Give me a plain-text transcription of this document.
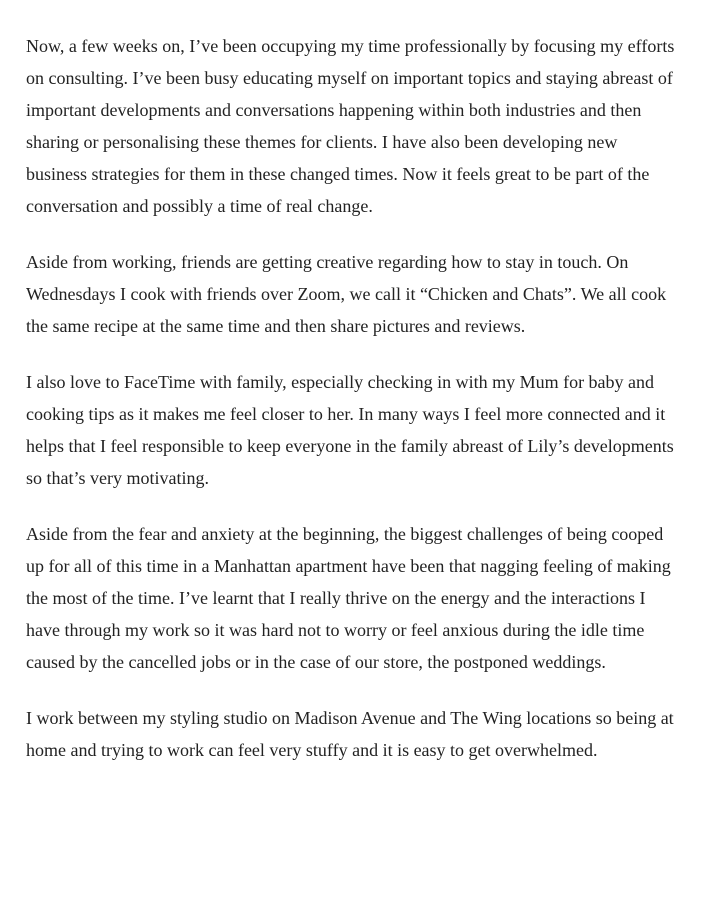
Now, a few weeks on, I’ve been occupying my time professionally by focusing my efforts on consulting. I’ve been busy educating myself on important topics and staying abreast of important developments and conversations happening within both industries and then sharing or personalising these themes for clients. I have also been developing new business strategies for them in these changed times. Now it feels great to be part of the conversation and possibly a time of real change.

Aside from working, friends are getting creative regarding how to stay in touch. On Wednesdays I cook with friends over Zoom, we call it “Chicken and Chats”. We all cook the same recipe at the same time and then share pictures and reviews.

I also love to FaceTime with family, especially checking in with my Mum for baby and cooking tips as it makes me feel closer to her. In many ways I feel more connected and it helps that I feel responsible to keep everyone in the family abreast of Lily’s developments so that’s very motivating.

Aside from the fear and anxiety at the beginning, the biggest challenges of being cooped up for all of this time in a Manhattan apartment have been that nagging feeling of making the most of the time. I’ve learnt that I really thrive on the energy and the interactions I have through my work so it was hard not to worry or feel anxious during the idle time caused by the cancelled jobs or in the case of our store, the postponed weddings.

I work between my styling studio on Madison Avenue and The Wing locations so being at home and trying to work can feel very stuffy and it is easy to get overwhelmed.
